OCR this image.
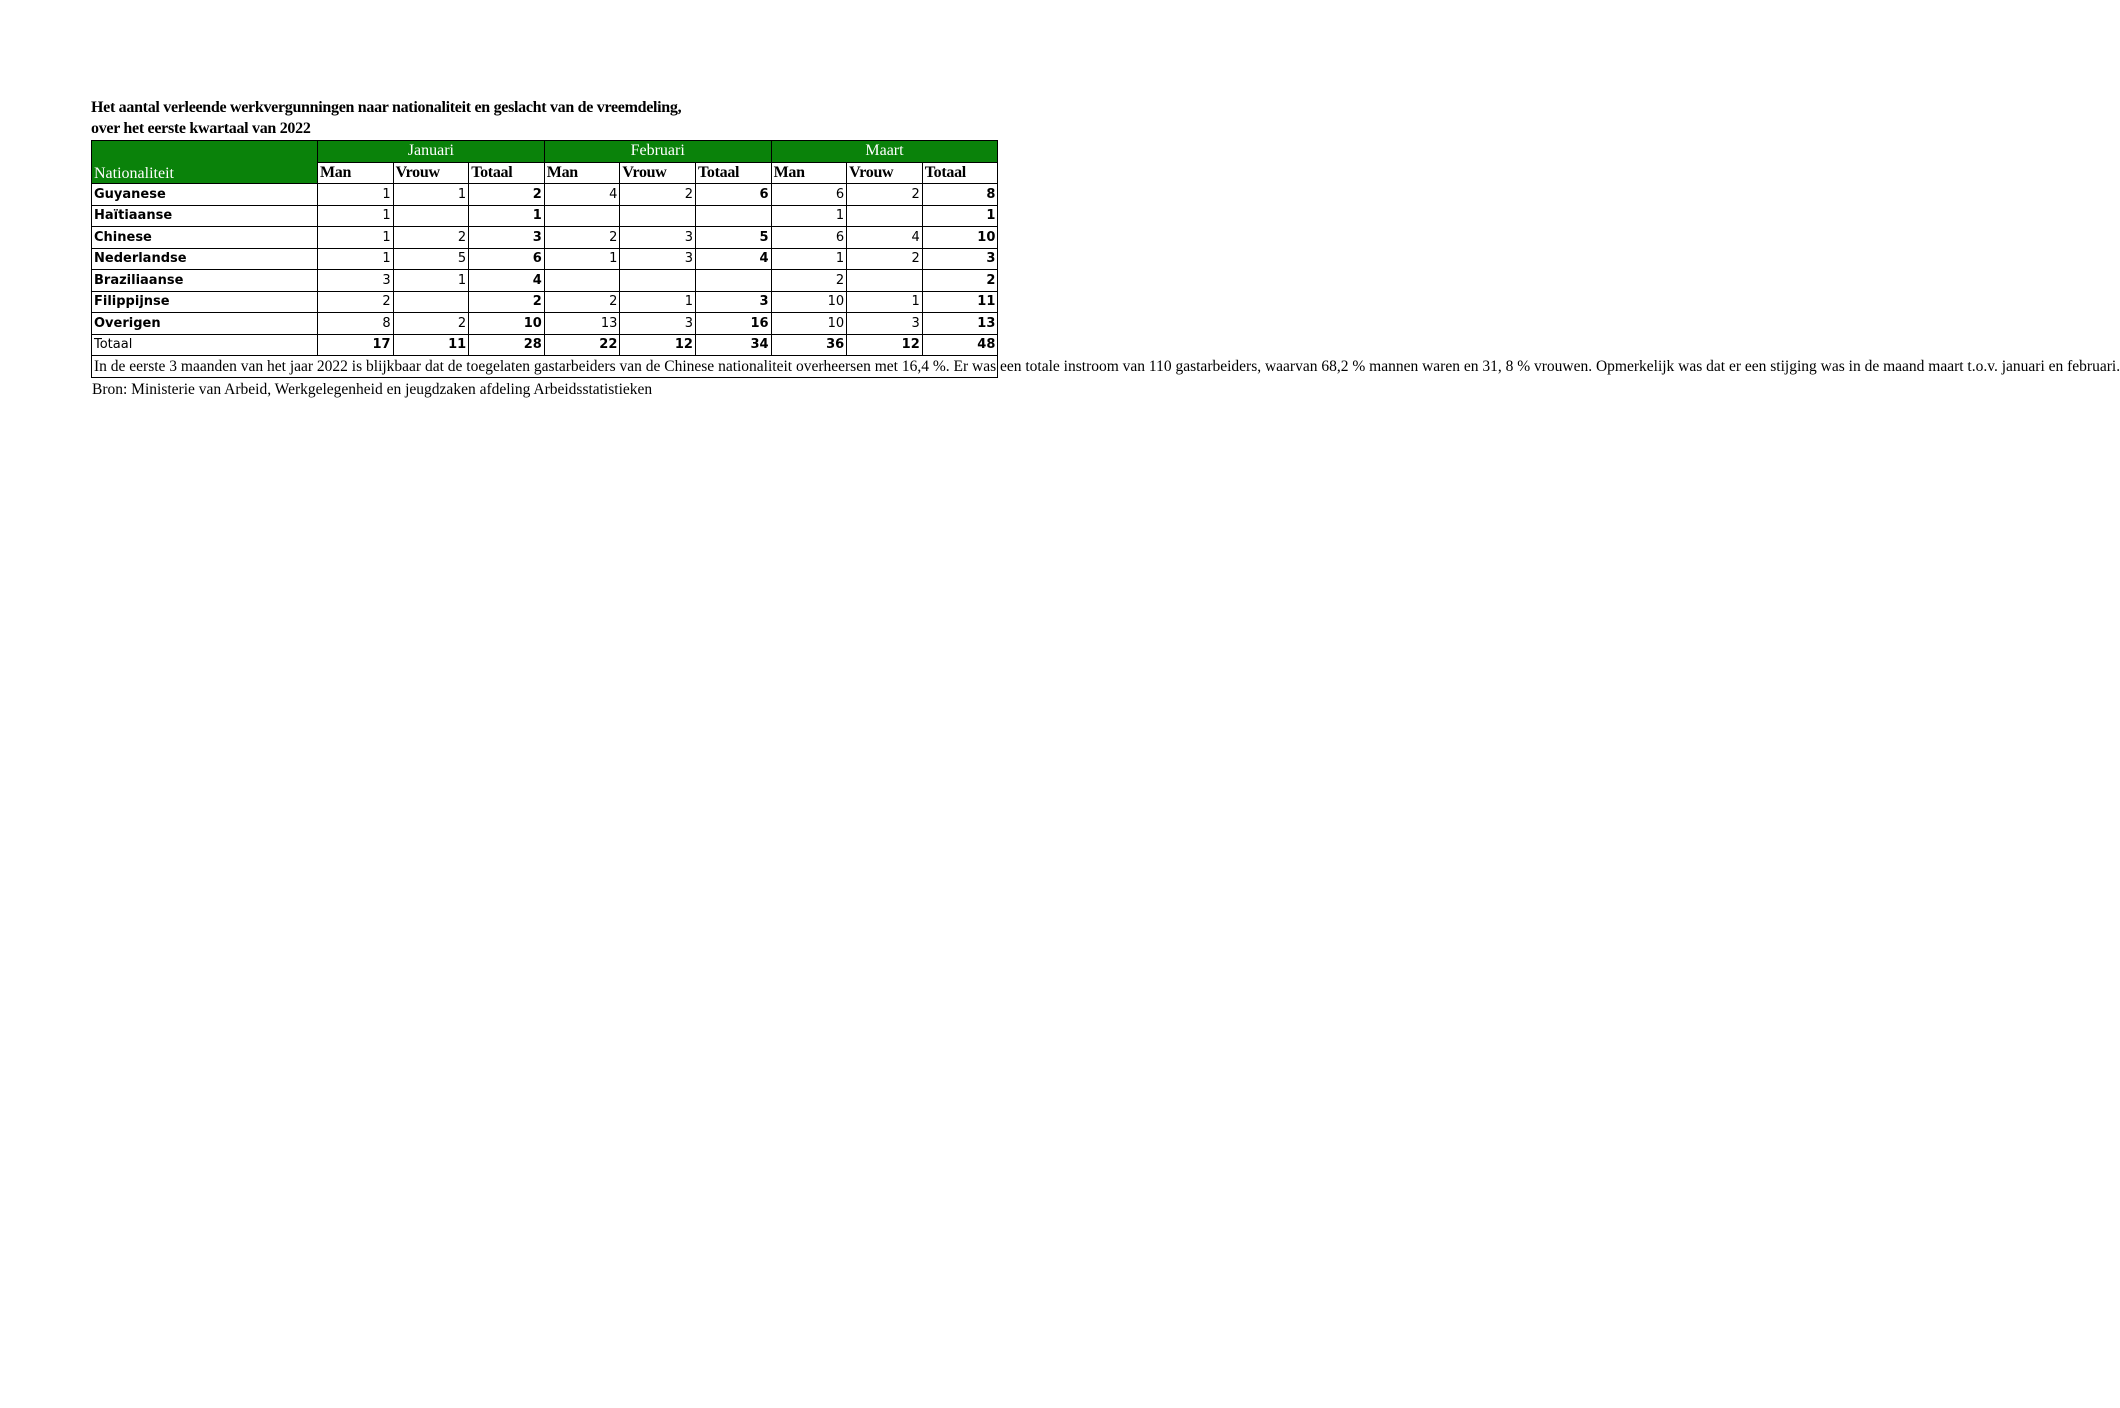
Het aantal verleende werkvergunningen naar nationaliteit en geslacht van de vreemdeling,

over het eerste kwartaal van 2022

Nationaliteit	Januari			Februari			Maart		
	Man	Vrouw	Totaal	Man	Vrouw	Totaal	Man	Vrouw	Totaal
Guyanese	1	1	2	4	2	6	6	2	8
Haïtiaanse	1		1				1		1
Chinese	1	2	3	2	3	5	6	4	10
Nederlandse	1	5	6	1	3	4	1	2	3
Braziliaanse	3	1	4				2		2
Filippijnse	2		2	2	1	3	10	1	11
Overigen	8	2	10	13	3	16	10	3	13
Totaal	17	11	28	22	12	34	36	12	48
In de eerste 3 maanden van het jaar 2022 is blijkbaar dat de toegelaten gastarbeiders van de Chinese nationaliteit overheersen met 16,4 %. Er was een totale instroom van 110 gastarbeiders, waarvan 68,2 % mannen waren en 31, 8 % vrouwen. Opmerkelijk was dat er een stijging was in de maand maart t.o.v. januari en februari.									

Bron: Ministerie van Arbeid, Werkgelegenheid en jeugdzaken afdeling Arbeidsstatistieken
